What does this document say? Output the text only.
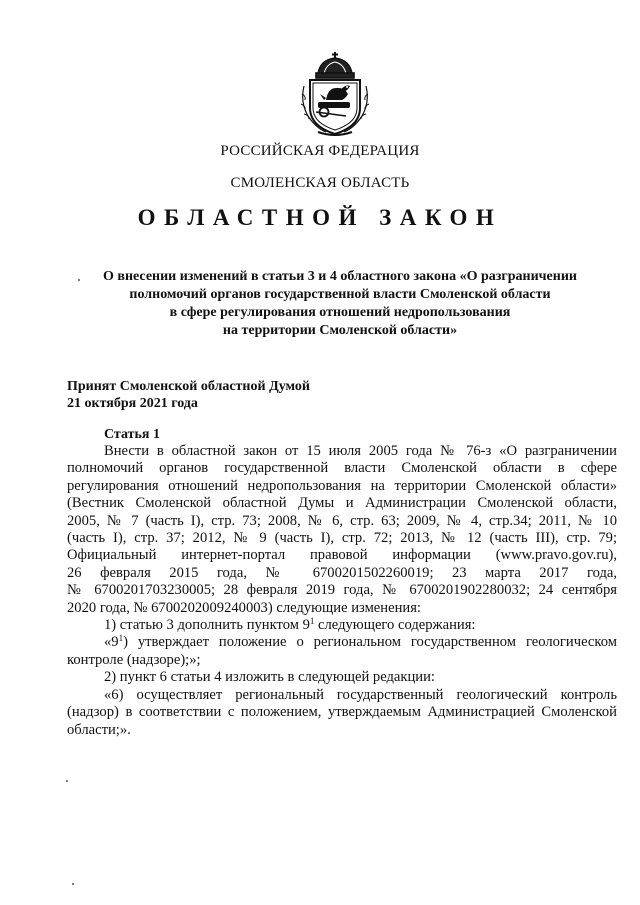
РОССИЙСКАЯ ФЕДЕРАЦИЯ
СМОЛЕНСКАЯ ОБЛАСТЬ
ОБЛАСТНОЙ ЗАКОН
О внесении изменений в статьи 3 и 4 областного закона «О разграничении
полномочий органов государственной власти Смоленской области
в сфере регулирования отношений недропользования
на территории Смоленской области»
Принят Смоленской областной Думой
21 октября 2021 года
Статья 1
Внести в областной закон от 15 июля 2005 года № 76-з «О разграничении
полномочий органов государственной власти Смоленской области в сфере
регулирования отношений недропользования на территории Смоленской области»
(Вестник Смоленской областной Думы и Администрации Смоленской области,
2005, № 7 (часть I), стр. 73; 2008, № 6, стр. 63; 2009, № 4, стр.34; 2011, № 10
(часть I), стр. 37; 2012, № 9 (часть I), стр. 72; 2013, № 12 (часть III), стр. 79;
Официальный интернет-портал правовой информации (www.pravo.gov.ru),
26 февраля 2015 года, № 6700201502260019; 23 марта 2017 года,
№ 6700201703230005; 28 февраля 2019 года, № 6700201902280032; 24 сентября
2020 года, № 6700202009240003) следующие изменения:
1) статью 3 дополнить пунктом $9^1$ следующего содержания:
«$9^1$) утверждает положение о региональном государственном геологическом
контроле (надзоре);»;
2) пункт 6 статьи 4 изложить в следующей редакции:
«6) осуществляет региональный государственный геологический контроль
(надзор) в соответствии с положением, утверждаемым Администрацией Смоленской
области;».
